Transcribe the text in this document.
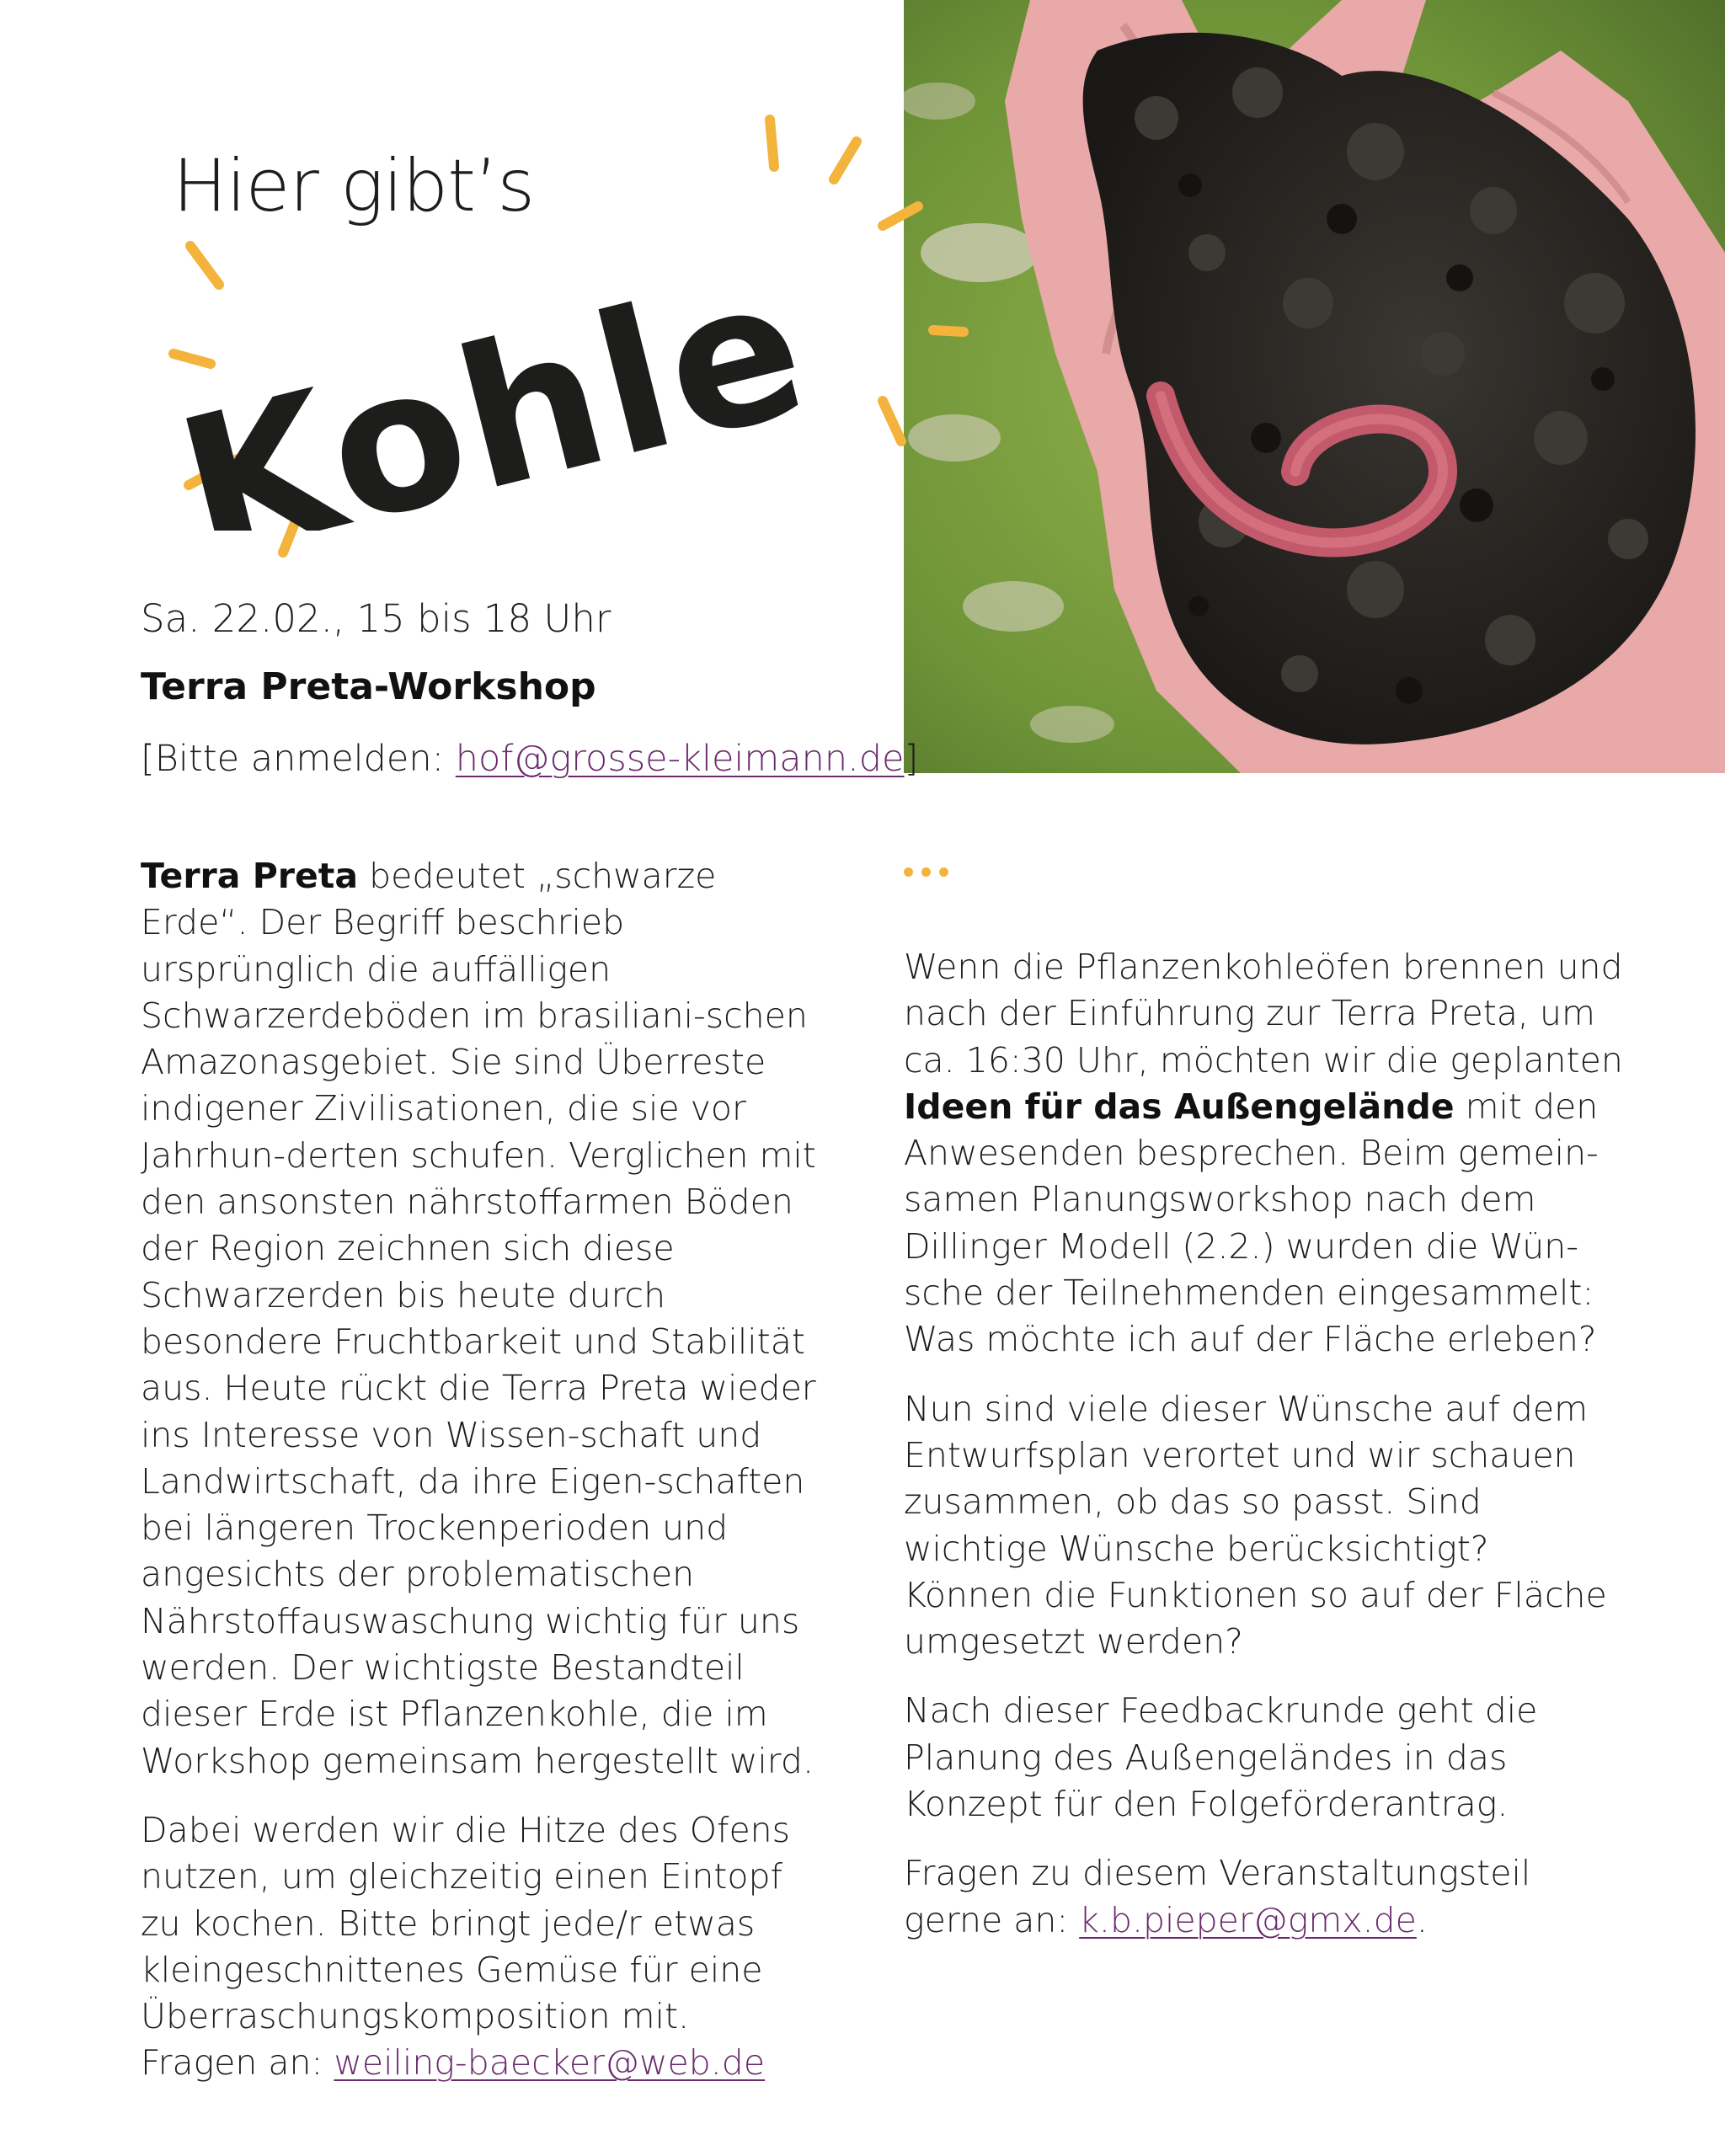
Hier gibt’s
Kohle
Sa. 22.02., 15 bis 18 Uhr
Terra Preta-Workshop
[Bitte anmelden: hof@grosse-kleimann.de]

Terra Preta bedeutet „schwarze Erde“. Der Begriff beschrieb ursprünglich die auffälligen Schwarzerdeböden im brasiliani-schen Amazonasgebiet. Sie sind Überreste indigener Zivilisationen, die sie vor Jahrhun-derten schufen. Verglichen mit den ansonsten nährstoffarmen Böden der Region zeichnen sich diese Schwarzerden bis heute durch besondere Fruchtbarkeit und Stabilität aus. Heute rückt die Terra Preta wieder ins Interesse von Wissen-schaft und Landwirtschaft, da ihre Eigen-schaften bei längeren Trockenperioden und angesichts der problematischen Nährstoffauswaschung wichtig für uns werden. Der wichtigste Bestandteil dieser Erde ist Pflanzenkohle, die im Workshop gemeinsam hergestellt wird.

Dabei werden wir die Hitze des Ofens nutzen, um gleichzeitig einen Eintopf zu kochen. Bitte bringt jede/r etwas kleingeschnittenes Gemüse für eine Überraschungskomposition mit.
Fragen an: weiling-baecker@web.de

Wenn die Pflanzenkohleöfen brennen und nach der Einführung zur Terra Preta, um ca. 16:30 Uhr, möchten wir die geplanten Ideen für das Außengelände mit den Anwesenden besprechen. Beim gemein-samen Planungsworkshop nach dem Dillinger Modell (2.2.) wurden die Wün-sche der Teilnehmenden eingesammelt: Was möchte ich auf der Fläche erleben?

Nun sind viele dieser Wünsche auf dem Entwurfsplan verortet und wir schauen zusammen, ob das so passt. Sind wichtige Wünsche berücksichtigt? Können die Funktionen so auf der Fläche umgesetzt werden?

Nach dieser Feedbackrunde geht die Planung des Außengeländes in das Konzept für den Folgeförderantrag.

Fragen zu diesem Veranstaltungsteil gerne an: k.b.pieper@gmx.de.
